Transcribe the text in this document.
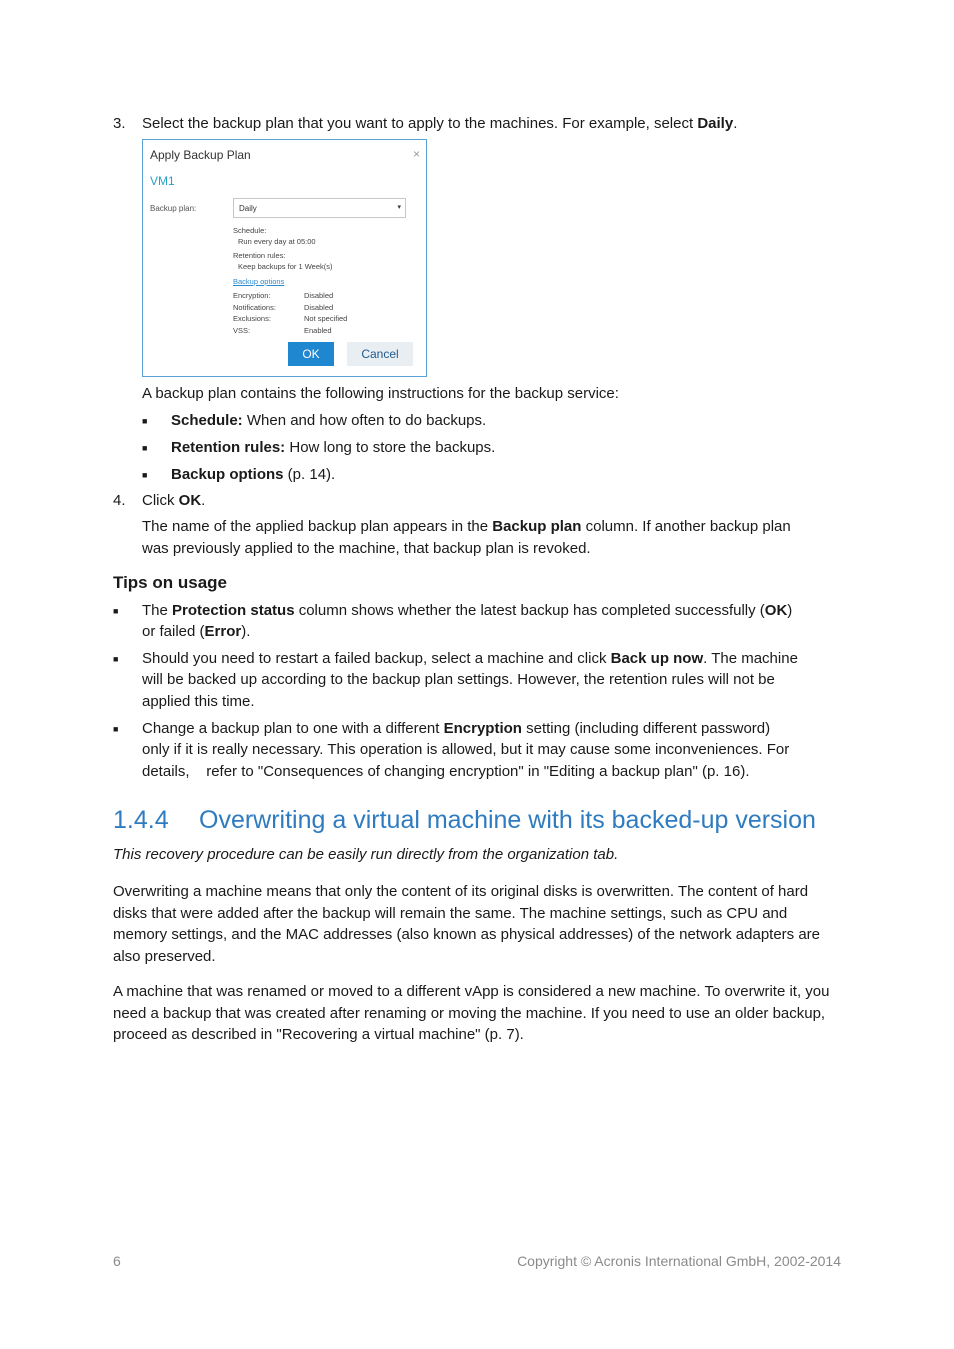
3. Select the backup plan that you want to apply to the machines. For example, select Daily.
Apply Backup Plan	×
VM1
Backup plan:	Daily	▾
Schedule:
Run every day at 05:00
Retention rules:
Keep backups for 1 Week(s)
Backup options
Encryption:	Disabled
Notifications:	Disabled
Exclusions:	Not specified
VSS:	Enabled
OK	Cancel
A backup plan contains the following instructions for the backup service:
■ Schedule: When and how often to do backups.
■ Retention rules: How long to store the backups.
■ Backup options (p. 14).
4. Click OK.
The name of the applied backup plan appears in the Backup plan column. If another backup plan
was previously applied to the machine, that backup plan is revoked.
Tips on usage
■ The Protection status column shows whether the latest backup has completed successfully (OK)
or failed (Error).
■ Should you need to restart a failed backup, select a machine and click Back up now. The machine
will be backed up according to the backup plan settings. However, the retention rules will not be
applied this time.
■ Change a backup plan to one with a different Encryption setting (including different password)
only if it is really necessary. This operation is allowed, but it may cause some inconveniences. For
details,    refer to "Consequences of changing encryption" in "Editing a backup plan" (p. 16).
1.4.4 Overwriting a virtual machine with its backed-up version
This recovery procedure can be easily run directly from the organization tab.
Overwriting a machine means that only the content of its original disks is overwritten. The content of hard disks that were added after the backup will remain the same. The machine settings, such as CPU and memory settings, and the MAC addresses (also known as physical addresses) of the network adapters are also preserved.
A machine that was renamed or moved to a different vApp is considered a new machine. To overwrite it, you need a backup that was created after renaming or moving the machine. If you need to use an older backup, proceed as described in "Recovering a virtual machine" (p. 7).
6	Copyright © Acronis International GmbH, 2002-2014
